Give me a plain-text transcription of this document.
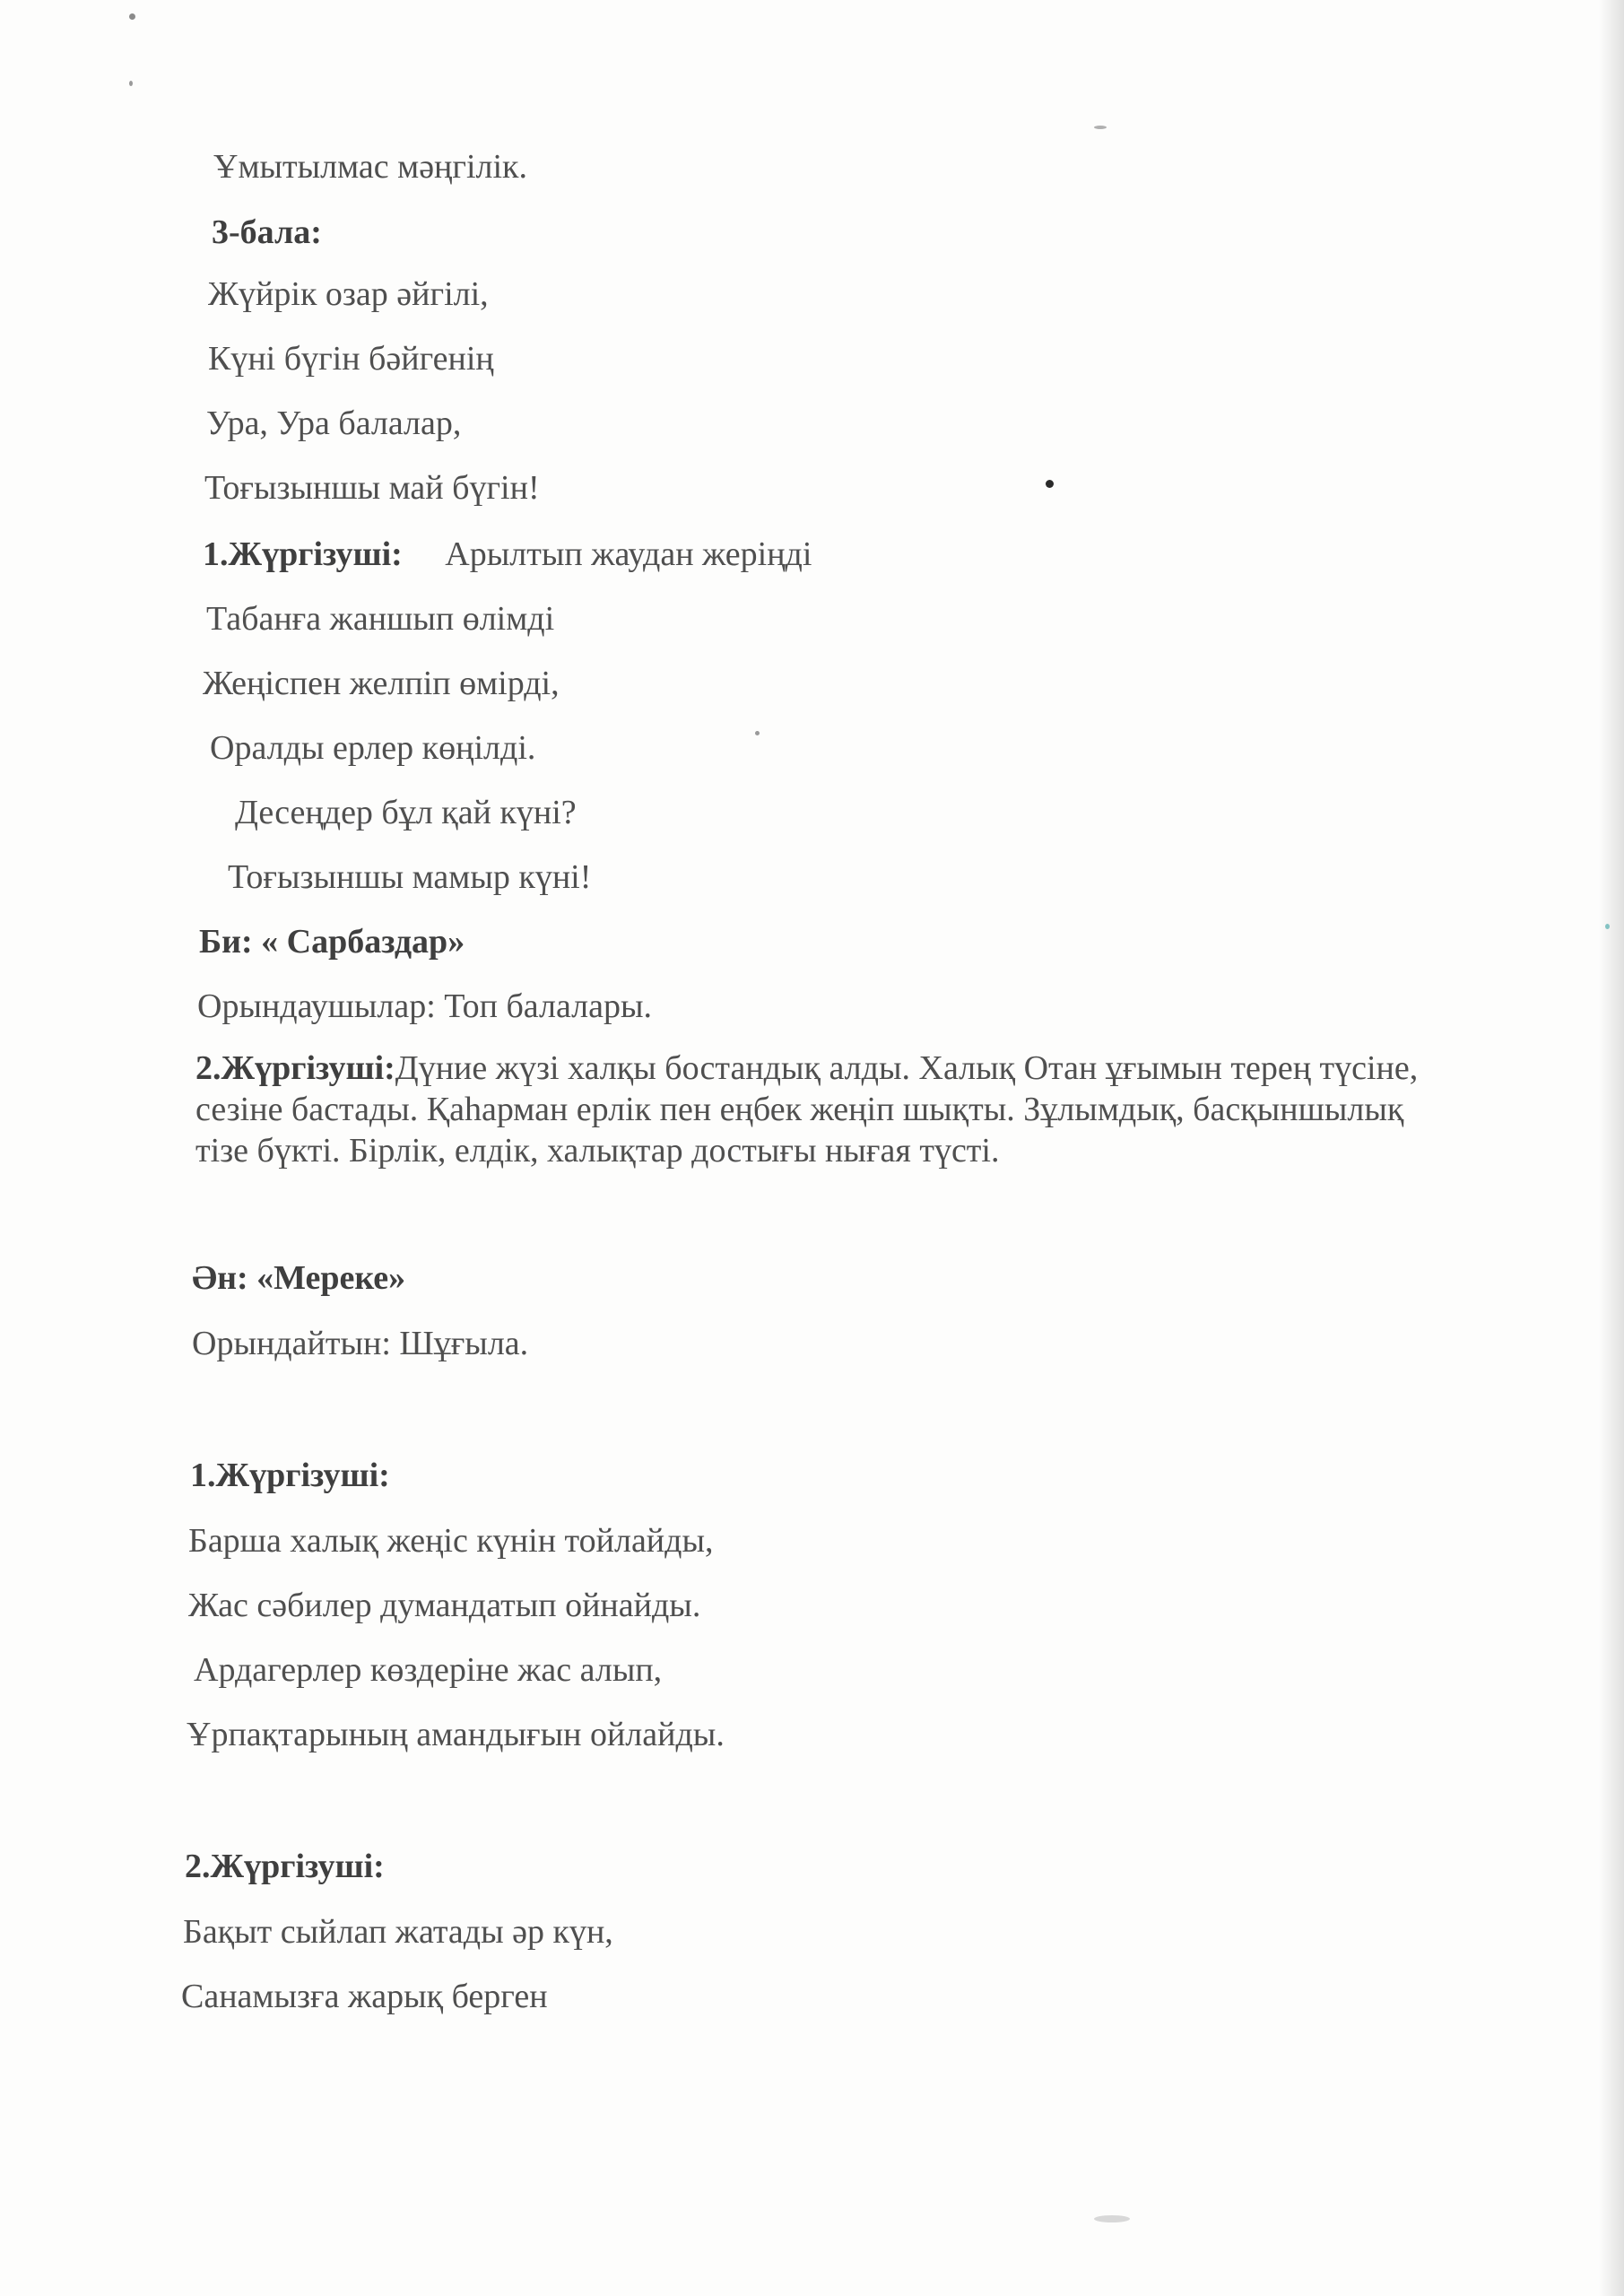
Ұмытылмас мәңгілік.
3-бала:
Жүйрік озар әйгілі,
Күні бүгін бәйгенің
Ура, Ура балалар,
Тоғызыншы май бүгін!
1.Жүргізуші: Арылтып жаудан жеріңді
Табанға жаншып өлімді
Жеңіспен желпіп өмірді,
Оралды ерлер көңілді.
Десеңдер бұл қай күні?
Тоғызыншы мамыр күні!
Би: « Сарбаздар»
Орындаушылар: Топ балалары.
2.Жүргізуші:Дүние жүзі халқы бостандық алды. Халық Отан ұғымын терең түсіне, сезіне бастады. Қаһарман ерлік пен еңбек жеңіп шықты. Зұлымдық, басқыншылық тізе бүкті. Бірлік, елдік, халықтар достығы нығая түсті.
Ән: «Мереке»
Орындайтын: Шұғыла.
1.Жүргізуші:
Барша халық жеңіс күнін тойлайды,
Жас сәбилер думандатып ойнайды.
Ардагерлер көздеріне жас алып,
Ұрпақтарының амандығын ойлайды.
2.Жүргізуші:
Бақыт сыйлап жатады әр күн,
Санамызға жарық берген
